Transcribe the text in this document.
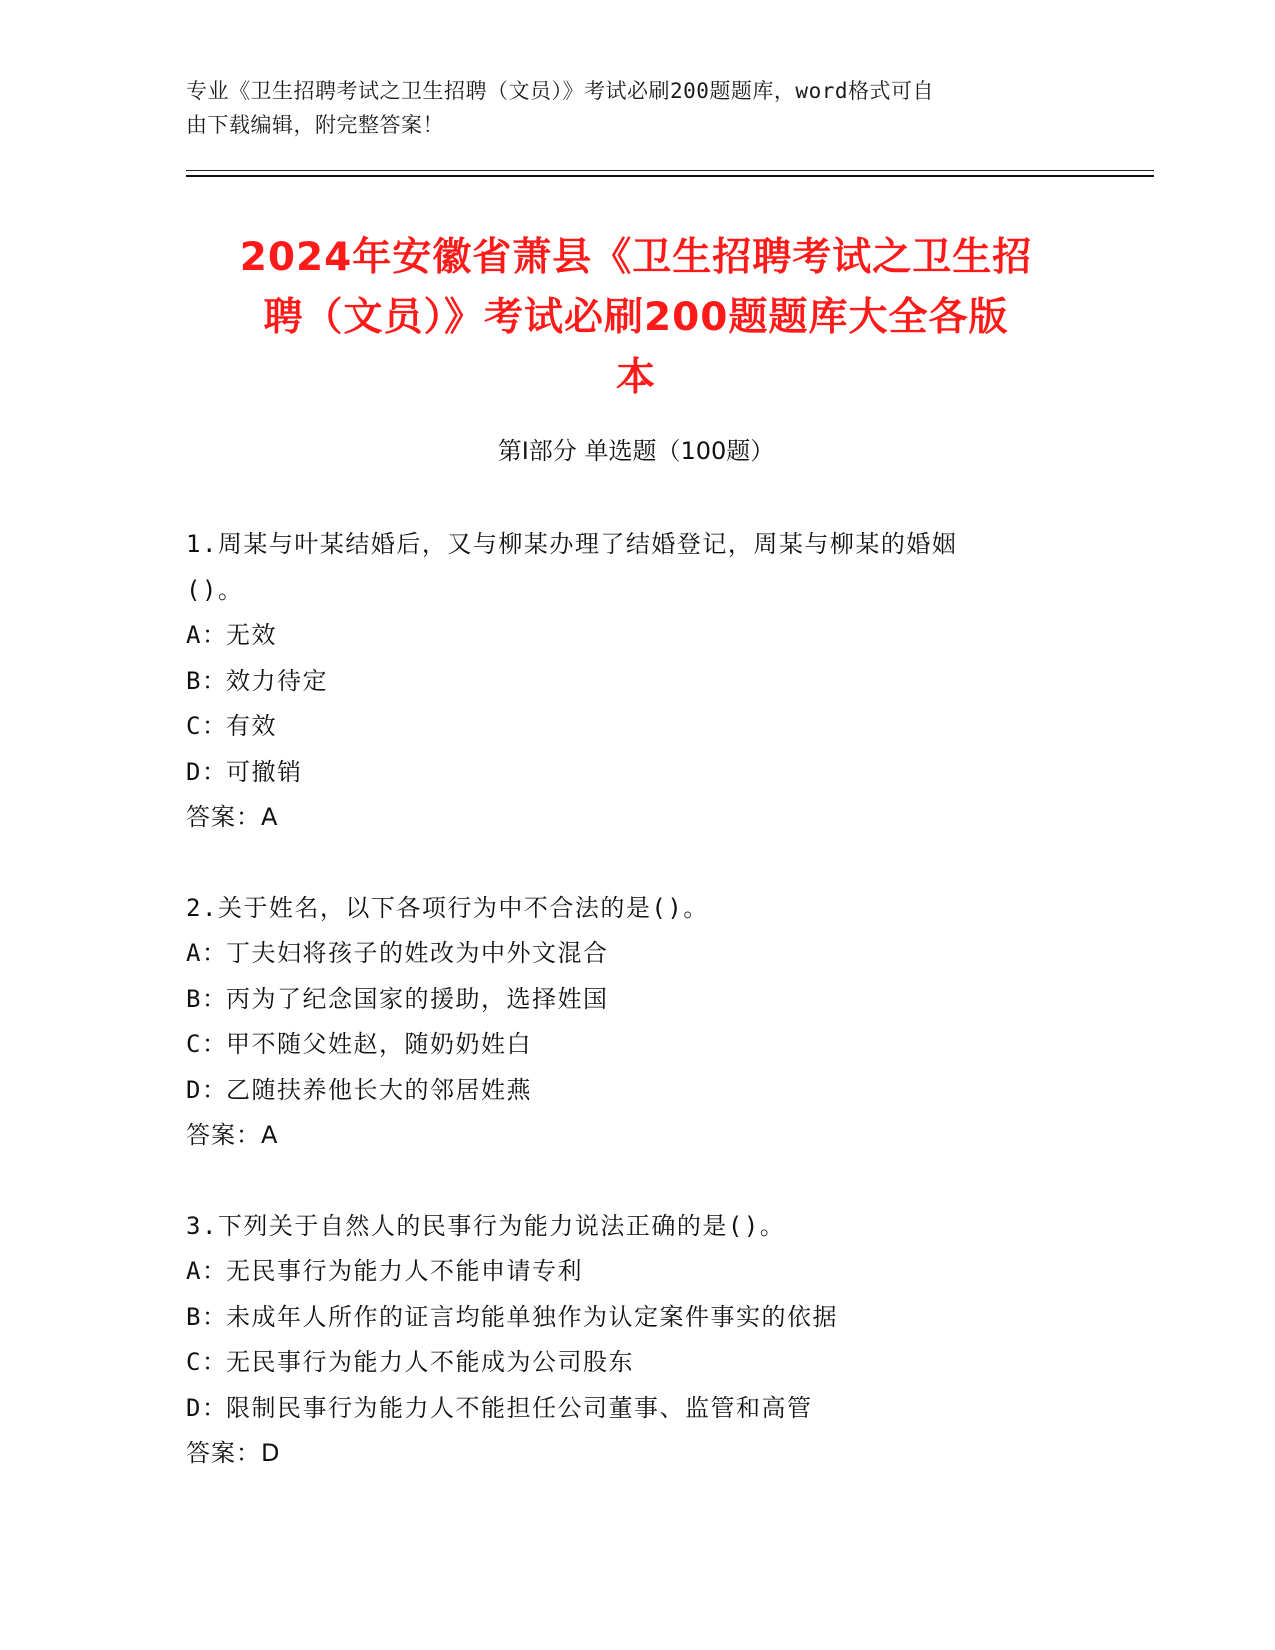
专业《卫生招聘考试之卫生招聘（文员）》考试必刷200题题库，word格式可自
由下载编辑，附完整答案！
2024年安徽省萧县《卫生招聘考试之卫生招
聘（文员）》考试必刷200题题库大全各版
本
第I部分 单选题（100题）

1.周某与叶某结婚后，又与柳某办理了结婚登记，周某与柳某的婚姻

()。

A：无效

B：效力待定

C：有效

D：可撤销

答案：A

2.关于姓名，以下各项行为中不合法的是()。

A：丁夫妇将孩子的姓改为中外文混合

B：丙为了纪念国家的援助，选择姓国

C：甲不随父姓赵，随奶奶姓白

D：乙随扶养他长大的邻居姓燕

答案：A

3.下列关于自然人的民事行为能力说法正确的是()。

A：无民事行为能力人不能申请专利

B：未成年人所作的证言均能单独作为认定案件事实的依据

C：无民事行为能力人不能成为公司股东

D：限制民事行为能力人不能担任公司董事、监管和高管

答案：D
